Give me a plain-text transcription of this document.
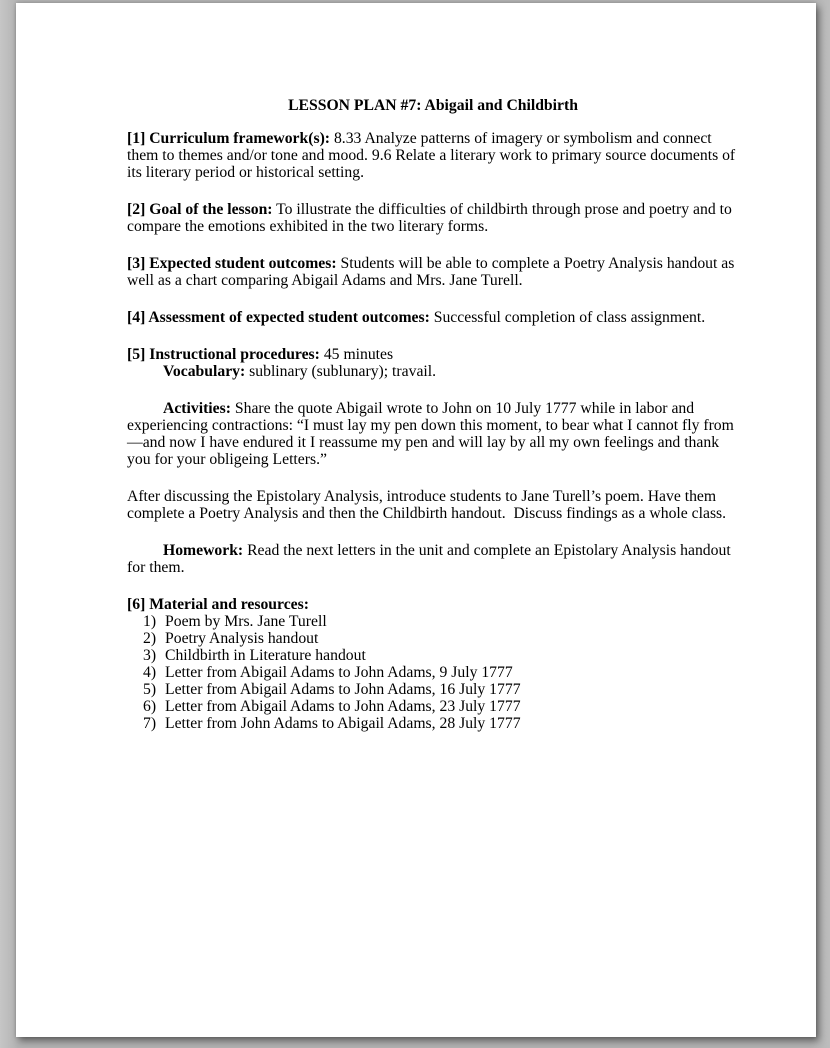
LESSON PLAN #7: Abigail and Childbirth

[1] Curriculum framework(s): 8.33 Analyze patterns of imagery or symbolism and connect them to themes and/or tone and mood. 9.6 Relate a literary work to primary source documents of its literary period or historical setting.

[2] Goal of the lesson: To illustrate the difficulties of childbirth through prose and poetry and to compare the emotions exhibited in the two literary forms.

[3] Expected student outcomes: Students will be able to complete a Poetry Analysis handout as well as a chart comparing Abigail Adams and Mrs. Jane Turell.

[4] Assessment of expected student outcomes: Successful completion of class assignment.

[5] Instructional procedures: 45 minutes
Vocabulary: sublinary (sublunary); travail.

Activities: Share the quote Abigail wrote to John on 10 July 1777 while in labor and experiencing contractions: “I must lay my pen down this moment, to bear what I cannot fly from—and now I have endured it I reassume my pen and will lay by all my own feelings and thank you for your obligeing Letters.”

After discussing the Epistolary Analysis, introduce students to Jane Turell’s poem. Have them complete a Poetry Analysis and then the Childbirth handout.  Discuss findings as a whole class.

Homework: Read the next letters in the unit and complete an Epistolary Analysis handout for them.

[6] Material and resources:

1) Poem by Mrs. Jane Turell
2) Poetry Analysis handout
3) Childbirth in Literature handout
4) Letter from Abigail Adams to John Adams, 9 July 1777
5) Letter from Abigail Adams to John Adams, 16 July 1777
6) Letter from Abigail Adams to John Adams, 23 July 1777
7) Letter from John Adams to Abigail Adams, 28 July 1777
